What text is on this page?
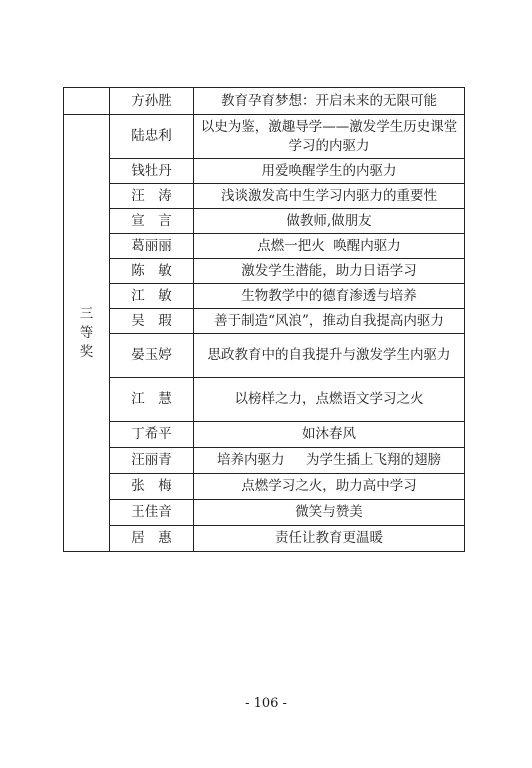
	方孙胜	教育孕育梦想：开启未来的无限可能

三
等
奖	陆忠利	以史为鉴，激趣导学——激发学生历史课堂学习的内驱力
	钱牡丹	用爱唤醒学生的内驱力
	汪　涛	浅谈激发高中生学习内驱力的重要性
	宣　言	做教师,做朋友
	葛丽丽	点燃一把火  唤醒内驱力
	陈　敏	激发学生潜能，助力日语学习
	江　敏	生物教学中的德育渗透与培养
	吴　瑕	善于制造“风浪”，推动自我提高内驱力
	晏玉婷	思政教育中的自我提升与激发学生内驱力
	江　慧	以榜样之力，点燃语文学习之火
	丁希平	如沐春风
	汪丽青	培养内驱力     为学生插上飞翔的翅膀
	张　梅	点燃学习之火，助力高中学习
	王佳音	微笑与赞美
	居　惠	责任让教育更温暖
- 106 -
